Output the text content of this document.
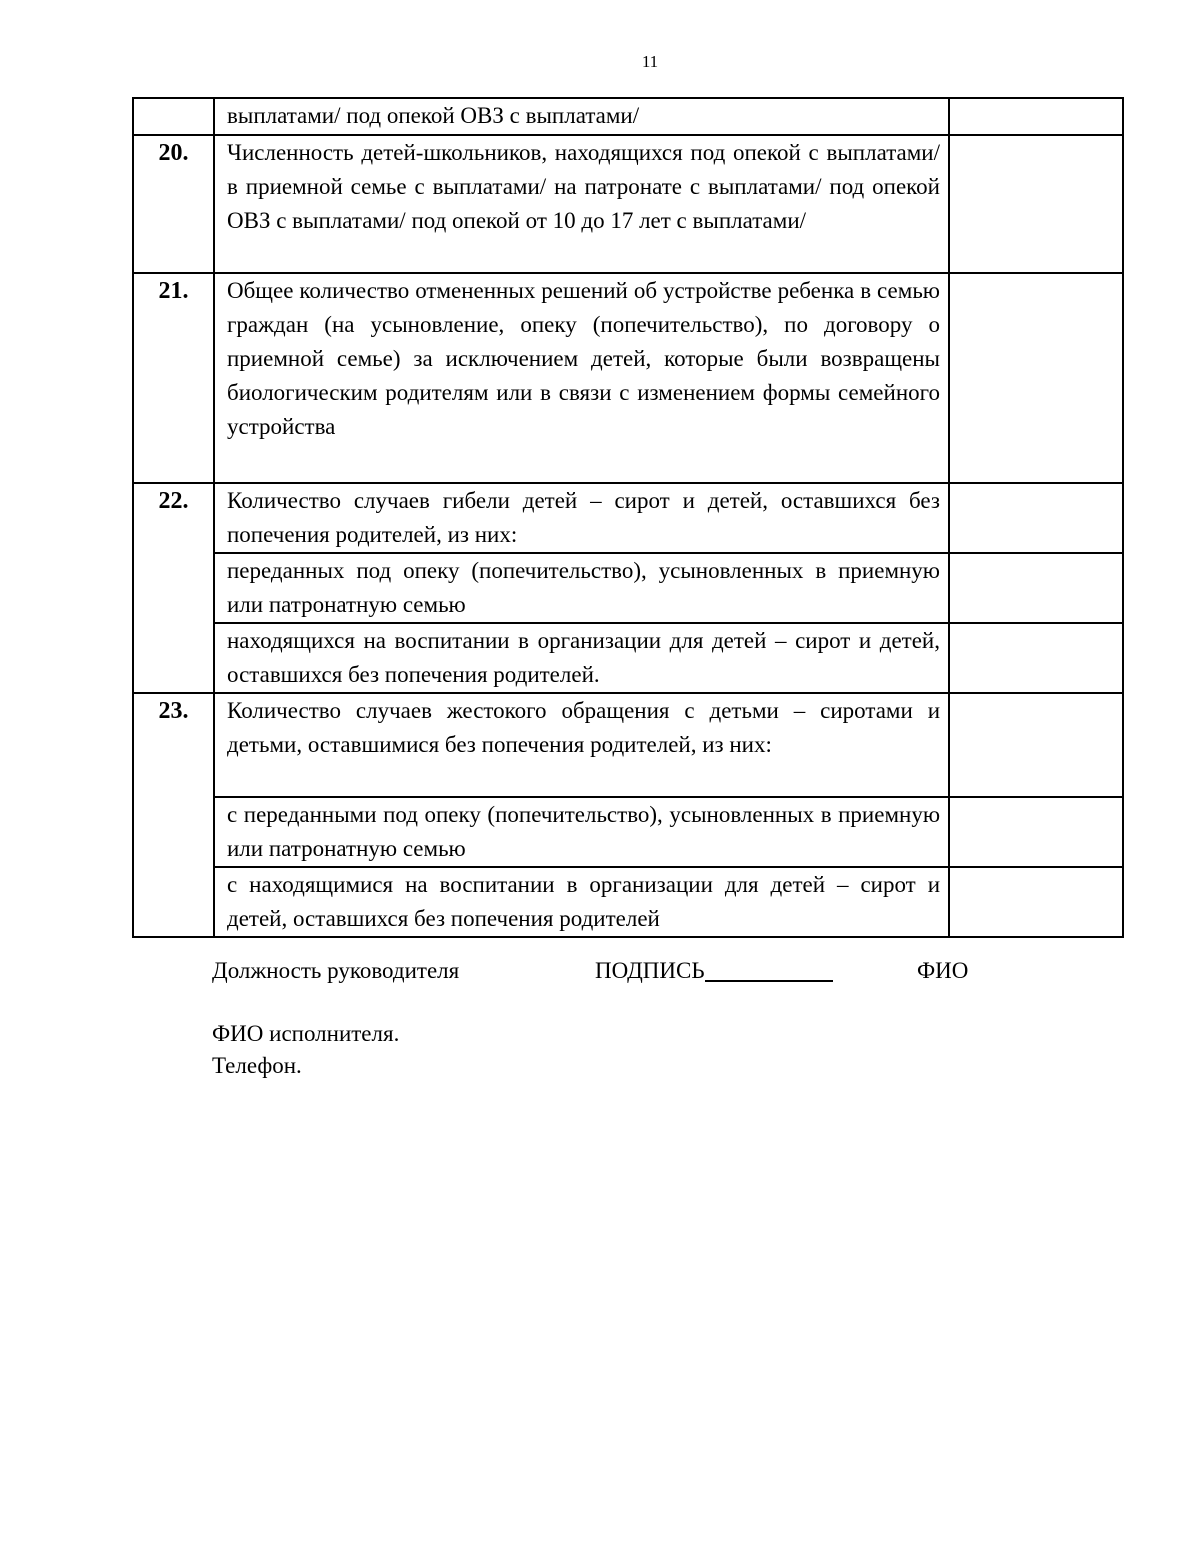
11
	выплатами/ под опекой ОВЗ с выплатами/	
20.	Численность детей-школьников, находящихся под опекой с выплатами/ в приемной семье с выплатами/ на патронате с выплатами/ под опекой ОВЗ с выплатами/ под опекой от 10 до 17 лет с выплатами/	
21.	Общее количество отмененных решений об устройстве ребенка в семью граждан (на усыновление, опеку (попечительство), по договору о приемной семье) за исключением детей, которые были возвращены биологическим родителям или в связи с изменением формы семейного устройства	
22.	Количество случаев гибели детей – сирот и детей, оставшихся без попечения родителей, из них:	
	переданных под опеку (попечительство), усыновленных в приемную или патронатную семью	
	находящихся на воспитании в организации для детей – сирот и детей, оставшихся без попечения родителей.	
23.	Количество случаев жестокого обращения с детьми – сиротами и детьми, оставшимися без попечения родителей, из них:	
	с переданными под опеку (попечительство), усыновленных в приемную или патронатную семью	
	с находящимися на воспитании в организации для детей – сирот и детей, оставшихся без попечения родителей	
Должность руководителя	ПОДПИСЬ	ФИО
ФИО исполнителя.
Телефон.
